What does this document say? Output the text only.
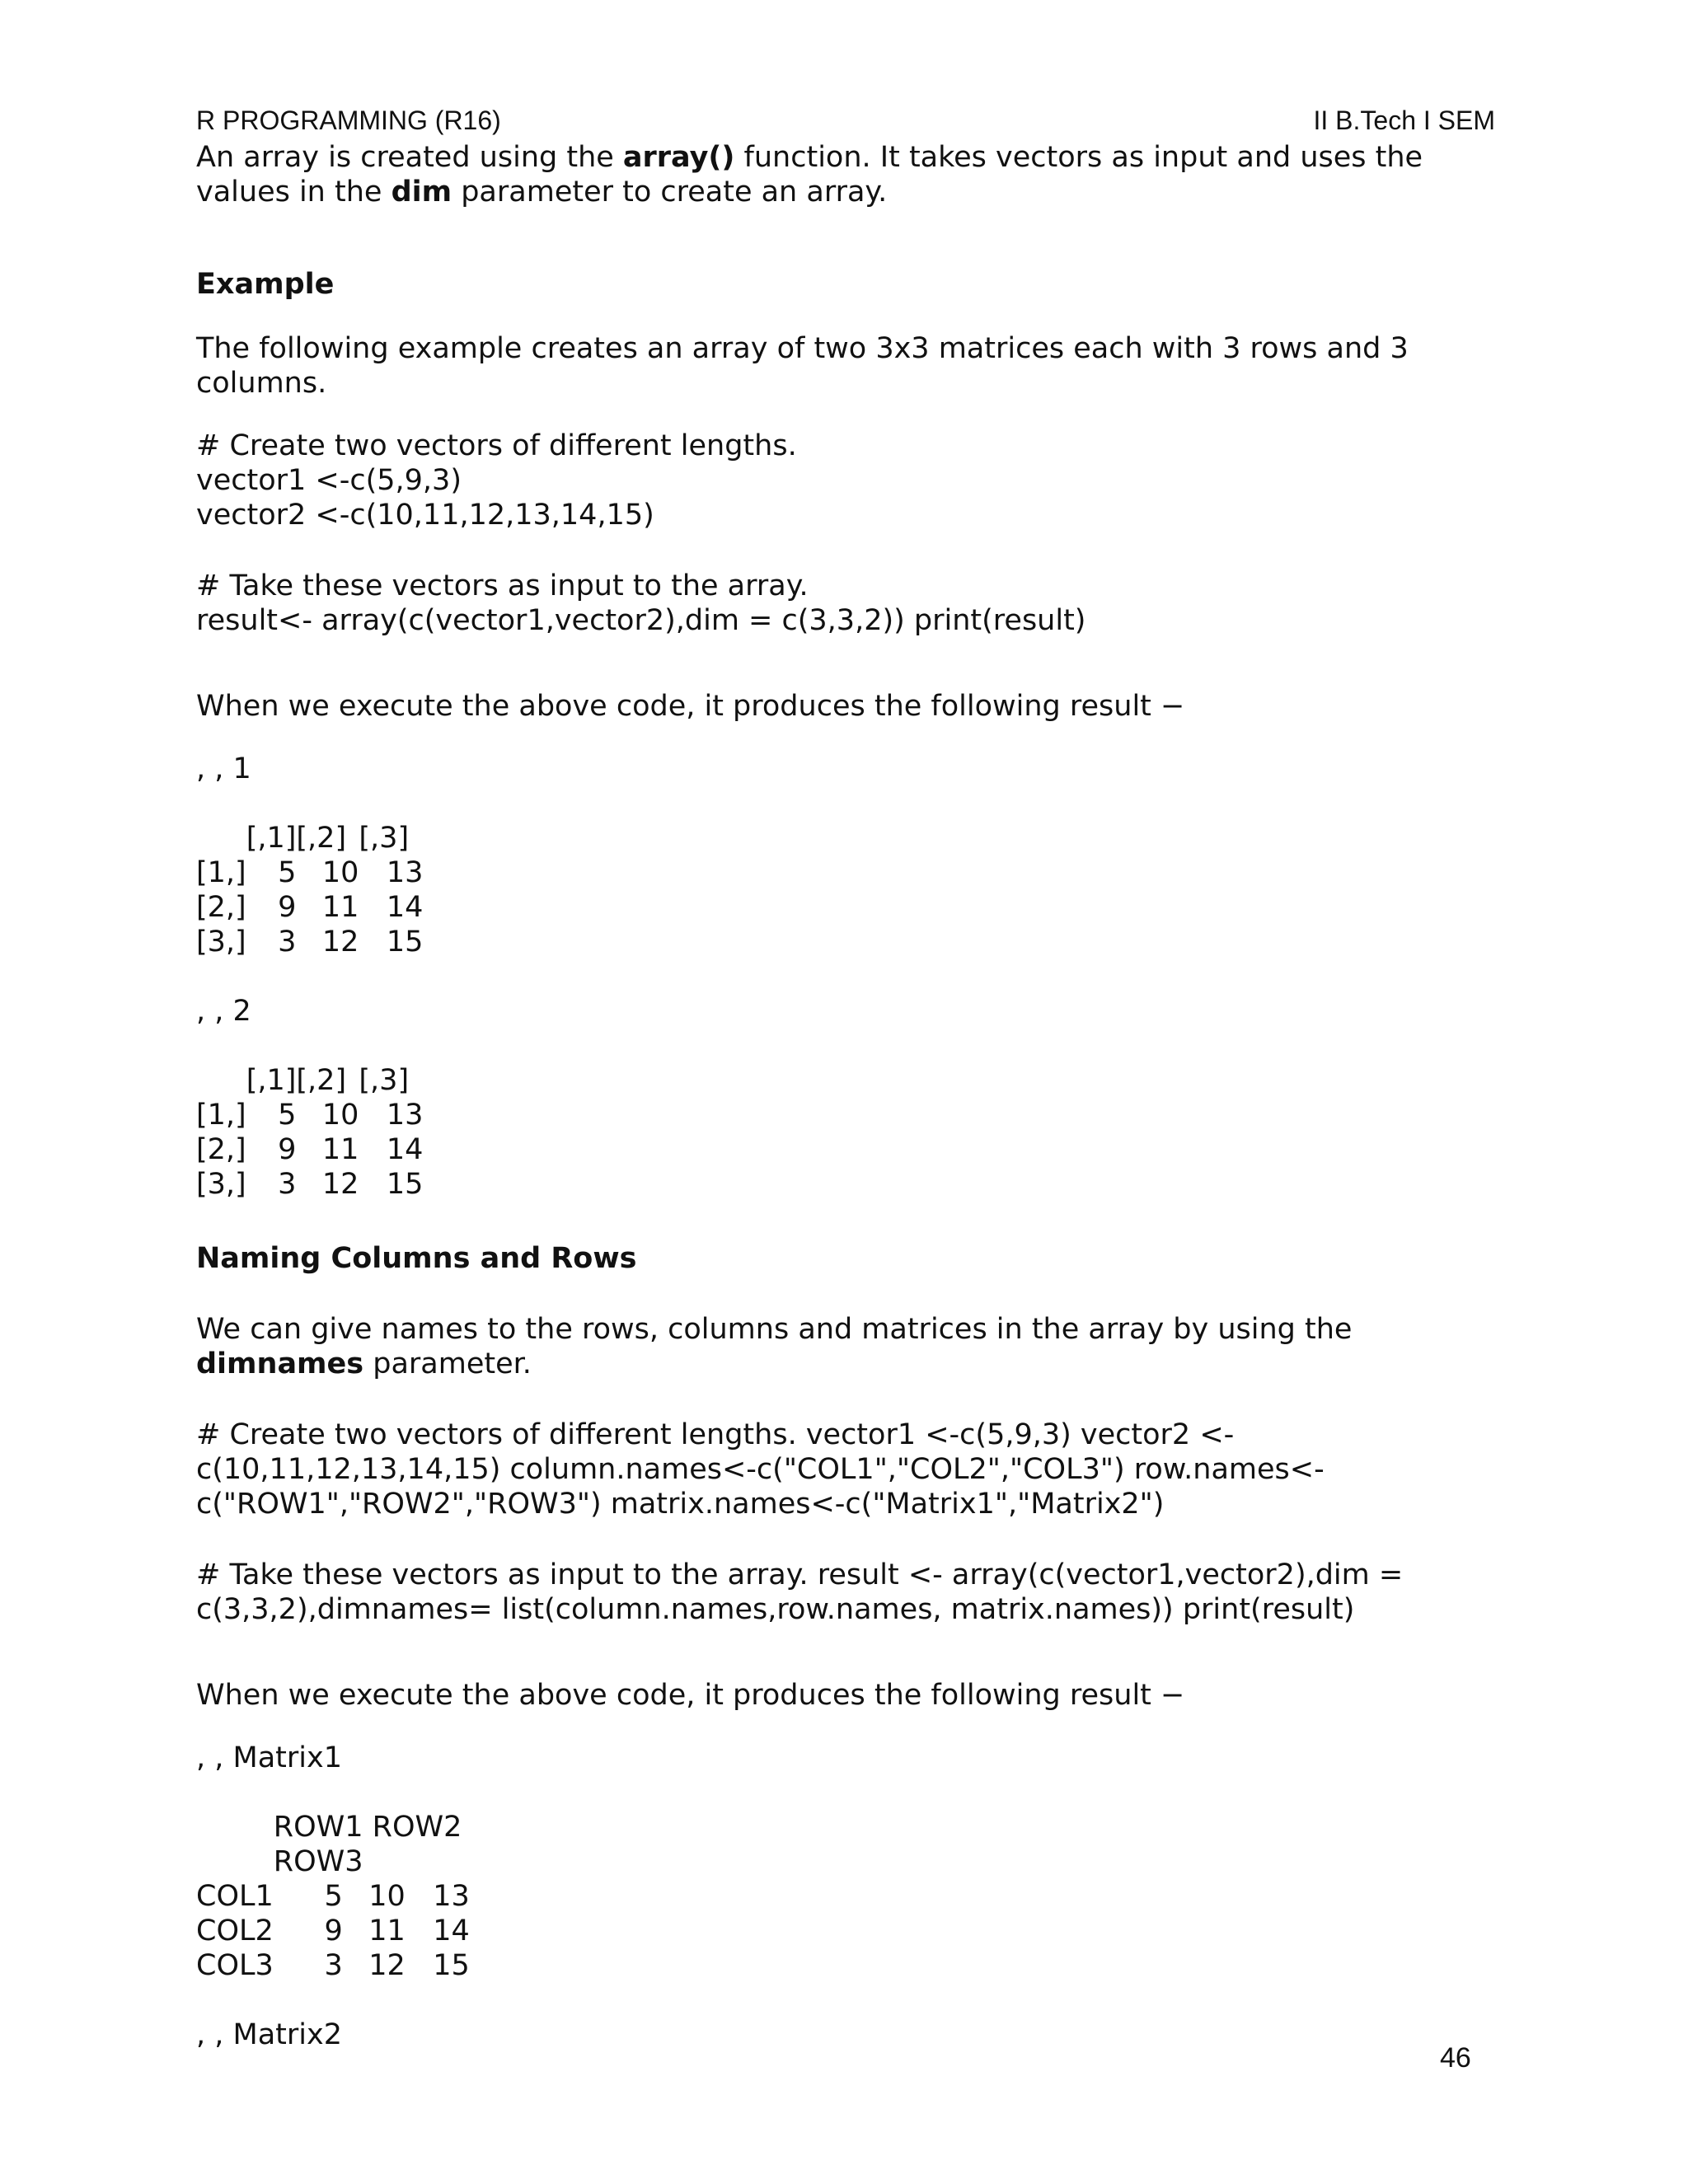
R PROGRAMMING (R16)	II B.Tech I SEM

An array is created using the array() function. It takes vectors as input and uses the values in the dim parameter to create an array.

Example

The following example creates an array of two 3x3 matrices each with 3 rows and 3 columns.

# Create two vectors of different lengths.

vector1 <-c(5,9,3)

vector2 <-c(10,11,12,13,14,15)

# Take these vectors as input to the array.

result<- array(c(vector1,vector2),dim = c(3,3,2)) print(result)

When we execute the above code, it produces the following result −

, , 1

	[,1]	[,2]	[,3]
[1,]	5	10	13
[2,]	9	11	14
[3,]	3	12	15

, , 2

	[,1]	[,2]	[,3]
[1,]	5	10	13
[2,]	9	11	14
[3,]	3	12	15

Naming Columns and Rows

We can give names to the rows, columns and matrices in the array by using the dimnames parameter.

# Create two vectors of different lengths. vector1 <-c(5,9,3) vector2 <-c(10,11,12,13,14,15) column.names<-c("COL1","COL2","COL3") row.names<-c("ROW1","ROW2","ROW3") matrix.names<-c("Matrix1","Matrix2")

# Take these vectors as input to the array. result <- array(c(vector1,vector2),dim = c(3,3,2),dimnames= list(column.names,row.names, matrix.names)) print(result)

When we execute the above code, it produces the following result −

, , Matrix1

	ROW1 ROW2 ROW3		
COL1	5	10	13
COL2	9	11	14
COL3	3	12	15

, , Matrix2

46
